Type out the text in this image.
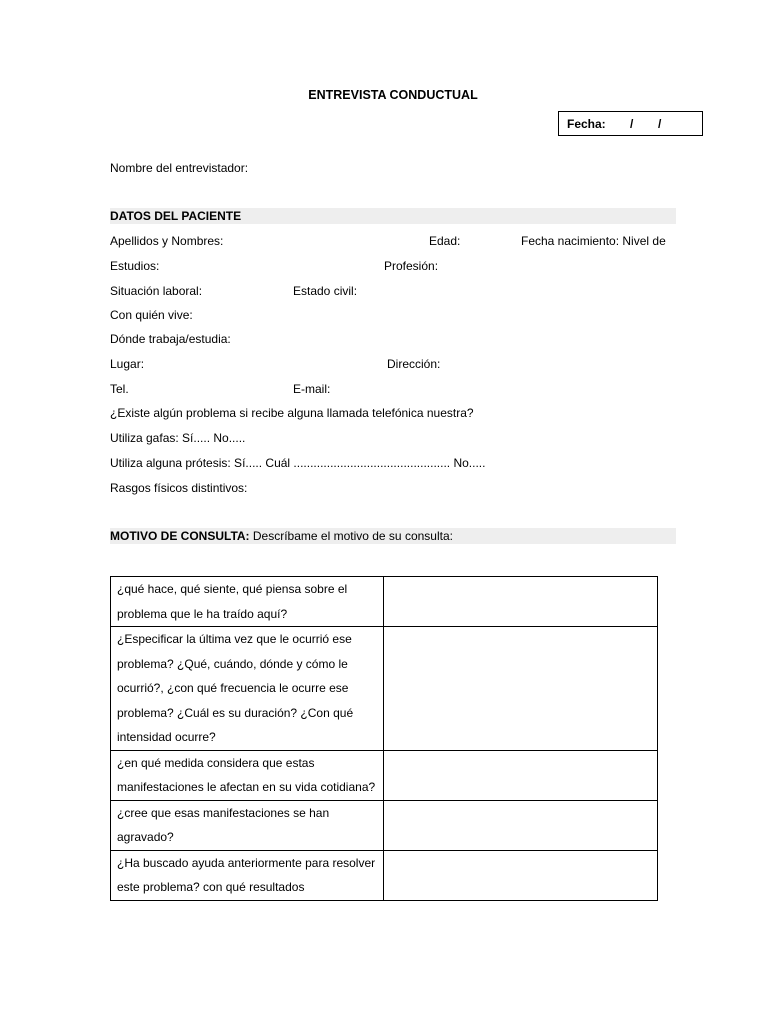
ENTREVISTA CONDUCTUAL
Fecha: / /
Nombre del entrevistador:
DATOS DEL PACIENTE
Apellidos y Nombres:	Edad:	Fecha nacimiento: Nivel de
Estudios:	Profesión:
Situación laboral:	Estado civil:
Con quién vive:
Dónde trabaja/estudia:
Lugar:	Dirección:
Tel.	E-mail:
¿Existe algún problema si recibe alguna llamada telefónica nuestra?
Utiliza gafas: Sí..... No.....
Utiliza alguna prótesis: Sí..... Cuál ............................................... No.....
Rasgos físicos distintivos:
MOTIVO DE CONSULTA: Descríbame el motivo de su consulta:
¿qué hace, qué siente, qué piensa sobre el problema que le ha traído aquí?	
¿Especificar la última vez que le ocurrió ese problema? ¿Qué, cuándo, dónde y cómo le ocurrió?, ¿con qué frecuencia le ocurre ese problema? ¿Cuál es su duración? ¿Con qué intensidad ocurre?	
¿en qué medida considera que estas manifestaciones le afectan en su vida cotidiana?	
¿cree que esas manifestaciones se han agravado?	
¿Ha buscado ayuda anteriormente para resolver este problema? con qué resultados	
